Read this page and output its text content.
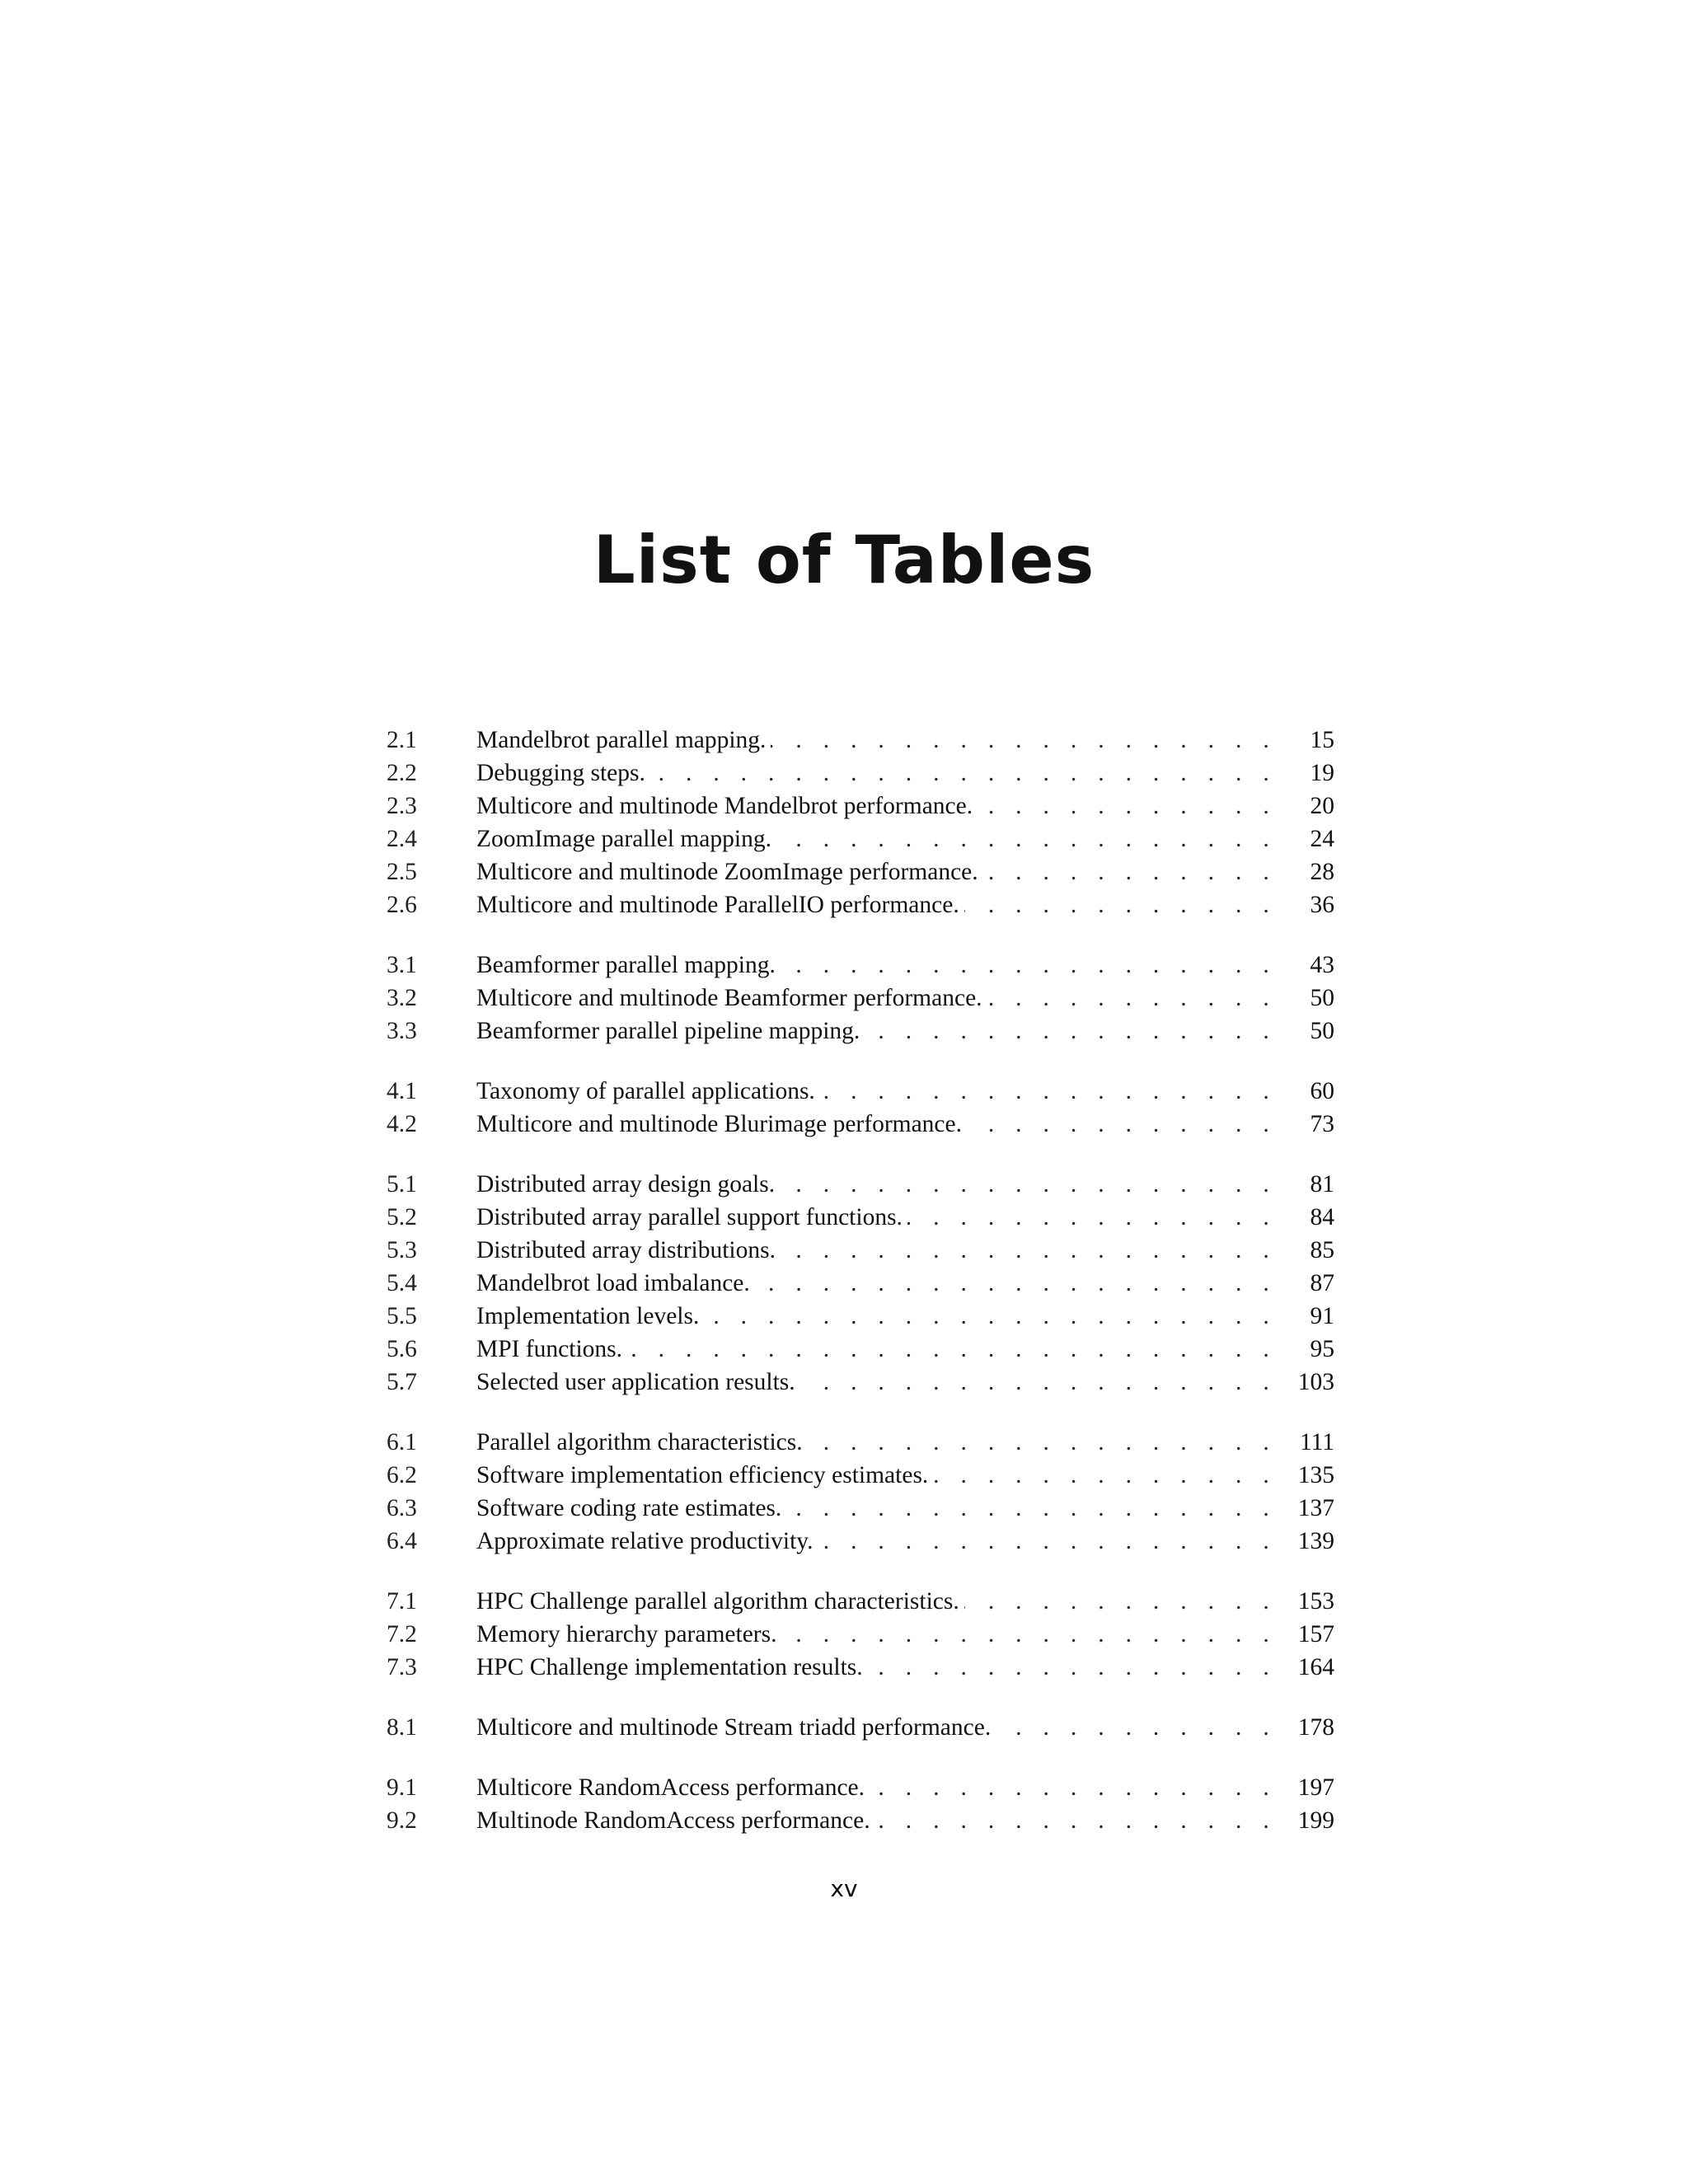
List of Tables
2.1	Mandelbrot parallel mapping. . . .	15
2.2	Debugging steps. . . .	19
2.3	Multicore and multinode Mandelbrot performance. . . .	20
2.4	ZoomImage parallel mapping. . . .	24
2.5	Multicore and multinode ZoomImage performance. . . .	28
2.6	Multicore and multinode ParallelIO performance. . . .	36
3.1	Beamformer parallel mapping. . . .	43
3.2	Multicore and multinode Beamformer performance. . . .	50
3.3	Beamformer parallel pipeline mapping. . . .	50
4.1	Taxonomy of parallel applications. . . .	60
4.2	Multicore and multinode Blurimage performance. . . .	73
5.1	Distributed array design goals. . . .	81
5.2	Distributed array parallel support functions. . . .	84
5.3	Distributed array distributions. . . .	85
5.4	Mandelbrot load imbalance. . . .	87
5.5	Implementation levels. . . .	91
5.6	MPI functions. . . .	95
5.7	Selected user application results. . . .	103
6.1	Parallel algorithm characteristics. . . .	111
6.2	Software implementation efficiency estimates. . . .	135
6.3	Software coding rate estimates. . . .	137
6.4	Approximate relative productivity. . . .	139
7.1	HPC Challenge parallel algorithm characteristics. . . .	153
7.2	Memory hierarchy parameters. . . .	157
7.3	HPC Challenge implementation results. . . .	164
8.1	Multicore and multinode Stream triadd performance. . . .	178
9.1	Multicore RandomAccess performance. . . .	197
9.2	Multinode RandomAccess performance. . . .	199
xv
